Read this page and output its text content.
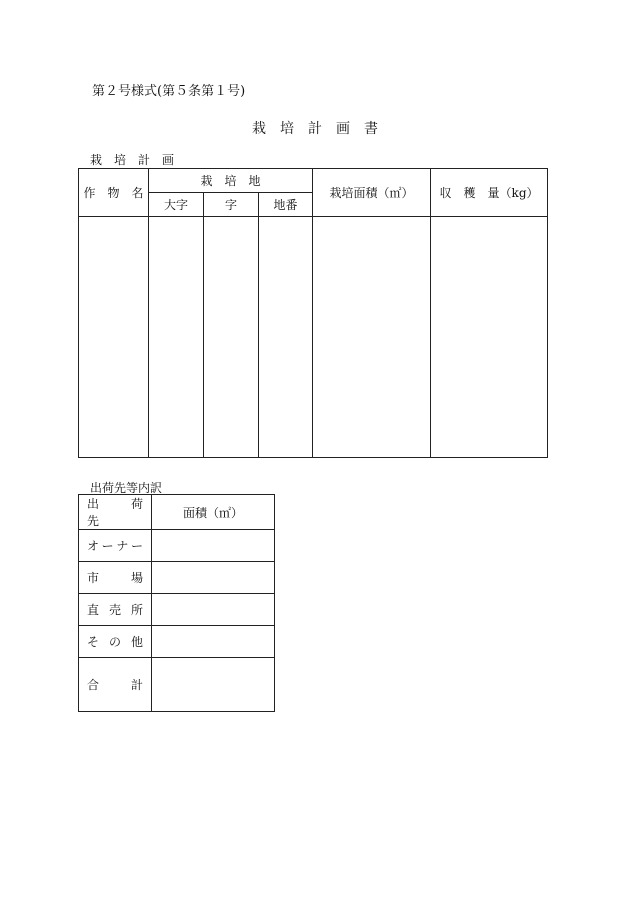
第２号様式(第５条第１号)
栽　培　計　画　書
栽　培　計　画
作　物　名	栽　培　地			栽培面積（㎡）	収　穫　量（kg）
	大字	字	地番		

出荷先等内訳
出　荷　先	面積（㎡）
オーナー	
市場	
直売所	
その他	
合計	
